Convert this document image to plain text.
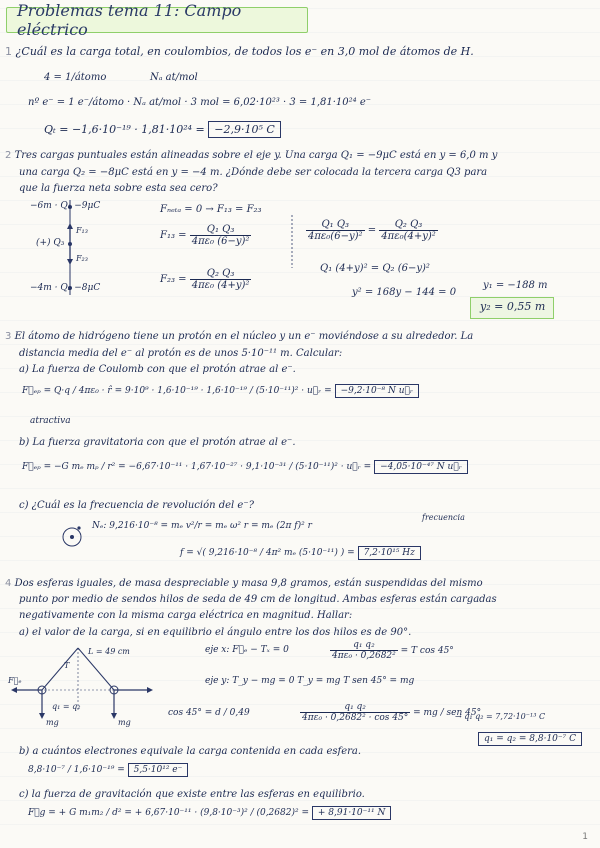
Problemas tema 11: Campo eléctrico
1 ¿Cuál es la carga total, en coulombios, de todos los e⁻ en 3,0 mol de átomos de H.
4 = 1/átomo	Nₐ at/mol
nº e⁻ = 1 e⁻/átomo · Nₐ at/mol · 3 mol = 6,02·10²³ · 3 = 1,81·10²⁴ e⁻
Qₜ = −1,6·10⁻¹⁹ · 1,81·10²⁴ = −2,9·10⁵ C
2 Tres cargas puntuales están alineadas sobre el eje y. Una carga Q₁ = −9μC está en y = 6,0 m y
una carga Q₂ = −8μC está en y = −4 m. ¿Dónde debe ser colocada la tercera carga Q3 para
que la fuerza neta sobre esta sea cero?
−6m · Q₁ −9μC
(+) Q₃
F₁₃
F₂₃
−4m · Q₂ −8μC
Fₙₑₜₐ = 0 → F₁₃ = F₂₃
$F_{13} = \frac{\text{Q₁ Q₃}}{\text{4πε₀ (6−y)²}}$
$F_{23} = \frac{\text{Q₂ Q₃}}{\text{4πε₀ (4+y)²}}$
$\frac{\text{Q₁ Q₃}}{\text{4πε₀(6−y)²}} = \frac{\text{Q₂ Q₃}}{\text{4πε₀(4+y)²}}$
Q₁ (4+y)² = Q₂ (6−y)²
y² = 168y − 144 = 0
y₁ = −188 m
y₂ = 0,55 m
3 El átomo de hidrógeno tiene un protón en el núcleo y un e⁻ moviéndose a su alrededor. La
distancia media del e⁻ al protón es de unos 5·10⁻¹¹ m. Calcular:
a) La fuerza de Coulomb con que el protón atrae al e⁻.
F⃗ₑₚ = Q·q / 4πε₀ · r̂ = 9·10⁹ · 1,6·10⁻¹⁹ · 1,6·10⁻¹⁹ / (5·10⁻¹¹)² · u⃗ᵣ = −9,2·10⁻⁸ N u⃗ᵣ
atractiva
b) La fuerza gravitatoria con que el protón atrae al e⁻.
F⃗ₑₚ = −G mₑ mₚ / r² = −6,67·10⁻¹¹ · 1,67·10⁻²⁷ · 9,1·10⁻³¹ / (5·10⁻¹¹)² · u⃗ᵣ = −4,05·10⁻⁴⁷ N u⃗ᵣ
c) ¿Cuál es la frecuencia de revolución del e⁻?
frecuencia
Nₑ: 9,216·10⁻⁸ = mₑ v²/r = mₑ ω² r = mₑ (2π f)² r
f = √( 9,216·10⁻⁸ / 4π² mₑ (5·10⁻¹¹) ) = 7,2·10¹⁵ Hz
4 Dos esferas iguales, de masa despreciable y masa 9,8 gramos, están suspendidas del mismo
punto por medio de sendos hilos de seda de 49 cm de longitud. Ambas esferas están cargadas
negativamente con la misma carga eléctrica en magnitud. Hallar:
a) el valor de la carga, si en equilibrio el ángulo entre los dos hilos es de 90°.
L = 49 cm
T
F⃗ₑ
q₁ = q₂
mg	mg
eje x: F⃗ₑ − Tₓ = 0	$\frac{\text{q₁ q₂}}{\text{4πε₀ · 0,2682²}} = T$ cos 45°
eje y: T_y − mg = 0 T_y = mg T sen 45° = mg
cos 45° = d / 0,49	$\frac{\text{q₁ q₂}}{\text{4πε₀ · 0,2682² · cos 45°}}$ = mg / sen 45°
→ q₁ q₂ = 7,72·10⁻¹³ C
q₁ = q₂ = 8,8·10⁻⁷ C
b) a cuántos electrones equivale la carga contenida en cada esfera.
8,8·10⁻⁷ / 1,6·10⁻¹⁹ = 5,5·10¹² e⁻
c) la fuerza de gravitación que existe entre las esferas en equilibrio.
F⃗g = + G m₁m₂ / d² = + 6,67·10⁻¹¹ · (9,8·10⁻³)² / (0,2682)² = + 8,91·10⁻¹¹ N
1
